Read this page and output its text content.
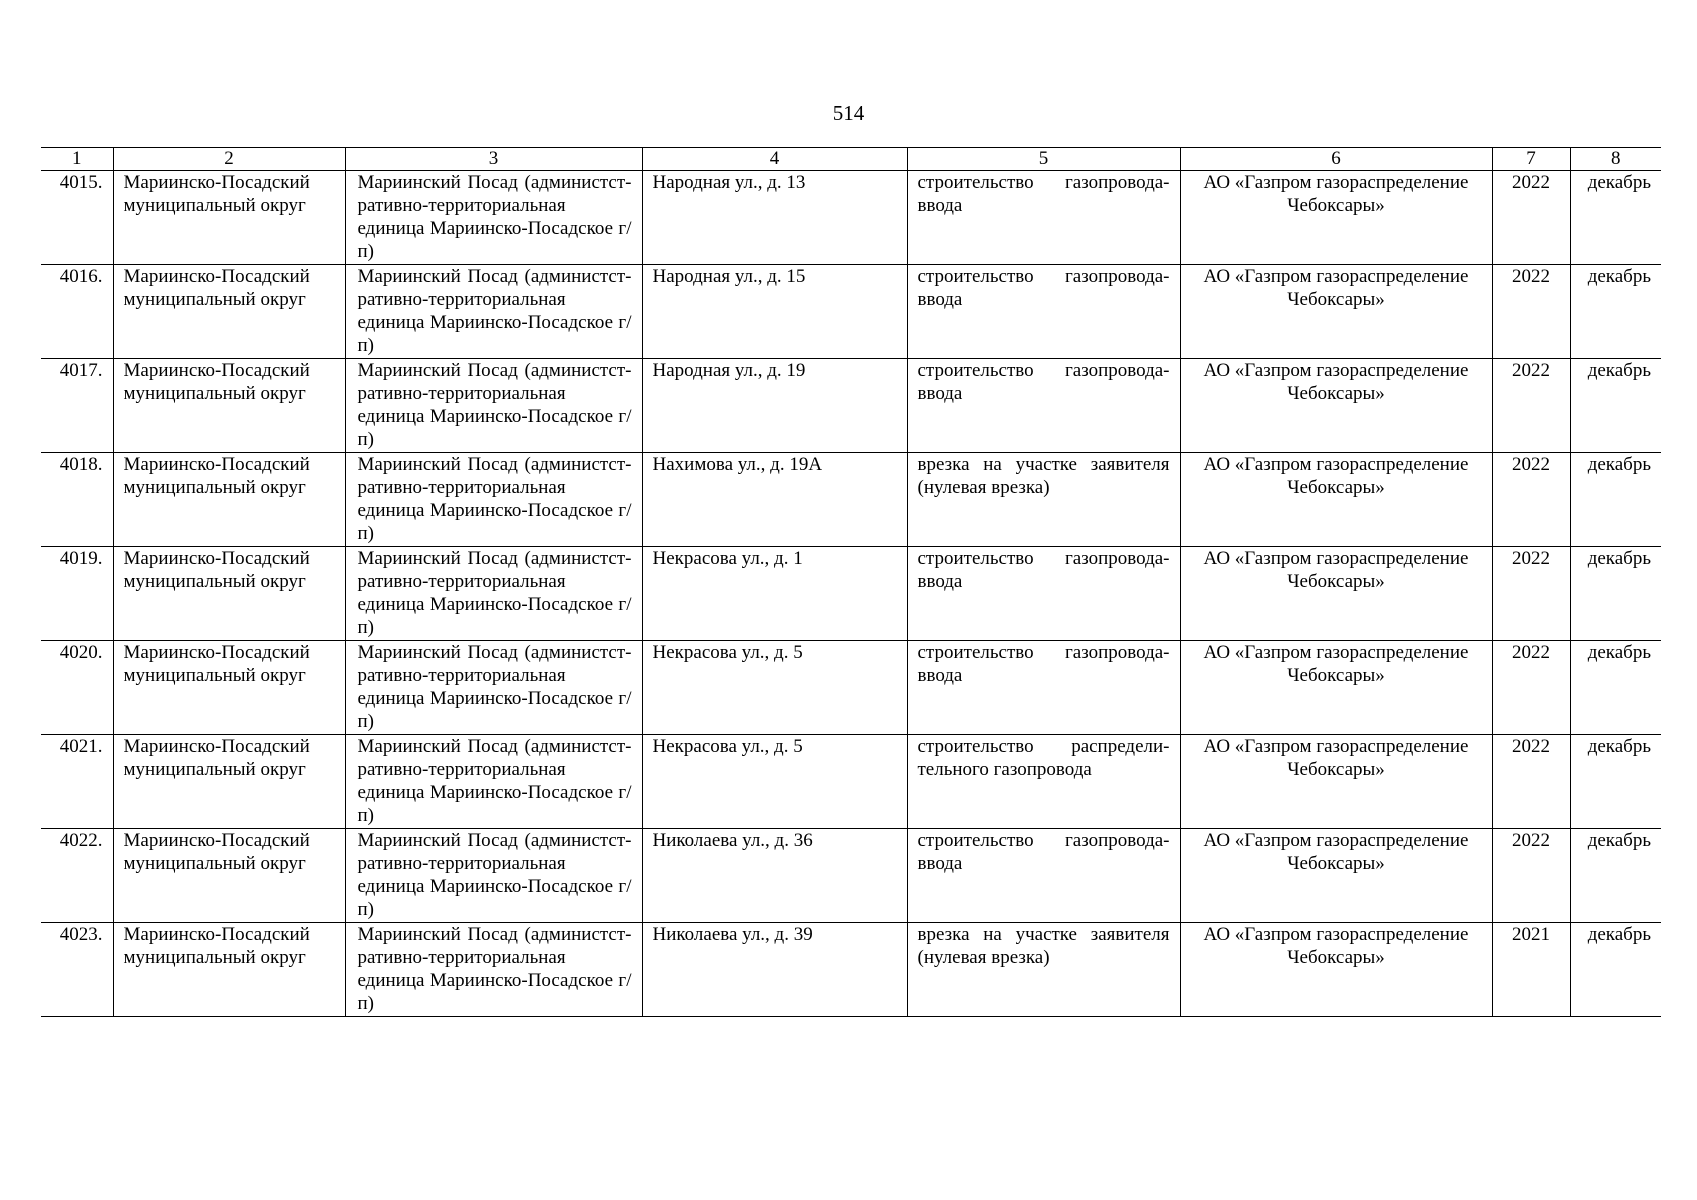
514
1	2	3	4	5	6	7	8
4015.	Мариинско-Посадский муниципальный округ	Мариинский Посад (администстративно-территориальная единица Мариинско-Посадское г/п)	Народная ул., д. 13	строительство газопровода-ввода	АО «Газпром газораспределение Чебоксары»	2022	декабрь
4016.	Мариинско-Посадский муниципальный округ	Мариинский Посад (администстративно-территориальная единица Мариинско-Посадское г/п)	Народная ул., д. 15	строительство газопровода-ввода	АО «Газпром газораспределение Чебоксары»	2022	декабрь
4017.	Мариинско-Посадский муниципальный округ	Мариинский Посад (администстративно-территориальная единица Мариинско-Посадское г/п)	Народная ул., д. 19	строительство газопровода-ввода	АО «Газпром газораспределение Чебоксары»	2022	декабрь
4018.	Мариинско-Посадский муниципальный округ	Мариинский Посад (администстративно-территориальная единица Мариинско-Посадское г/п)	Нахимова ул., д. 19А	врезка на участке заявителя (нулевая врезка)	АО «Газпром газораспределение Чебоксары»	2022	декабрь
4019.	Мариинско-Посадский муниципальный округ	Мариинский Посад (администстративно-территориальная единица Мариинско-Посадское г/п)	Некрасова ул., д. 1	строительство газопровода-ввода	АО «Газпром газораспределение Чебоксары»	2022	декабрь
4020.	Мариинско-Посадский муниципальный округ	Мариинский Посад (администстративно-территориальная единица Мариинско-Посадское г/п)	Некрасова ул., д. 5	строительство газопровода-ввода	АО «Газпром газораспределение Чебоксары»	2022	декабрь
4021.	Мариинско-Посадский муниципальный округ	Мариинский Посад (администстративно-территориальная единица Мариинско-Посадское г/п)	Некрасова ул., д. 5	строительство распределительного газопровода	АО «Газпром газораспределение Чебоксары»	2022	декабрь
4022.	Мариинско-Посадский муниципальный округ	Мариинский Посад (администстративно-территориальная единица Мариинско-Посадское г/п)	Николаева ул., д. 36	строительство газопровода-ввода	АО «Газпром газораспределение Чебоксары»	2022	декабрь
4023.	Мариинско-Посадский муниципальный округ	Мариинский Посад (администстративно-территориальная единица Мариинско-Посадское г/п)	Николаева ул., д. 39	врезка на участке заявителя (нулевая врезка)	АО «Газпром газораспределение Чебоксары»	2021	декабрь
